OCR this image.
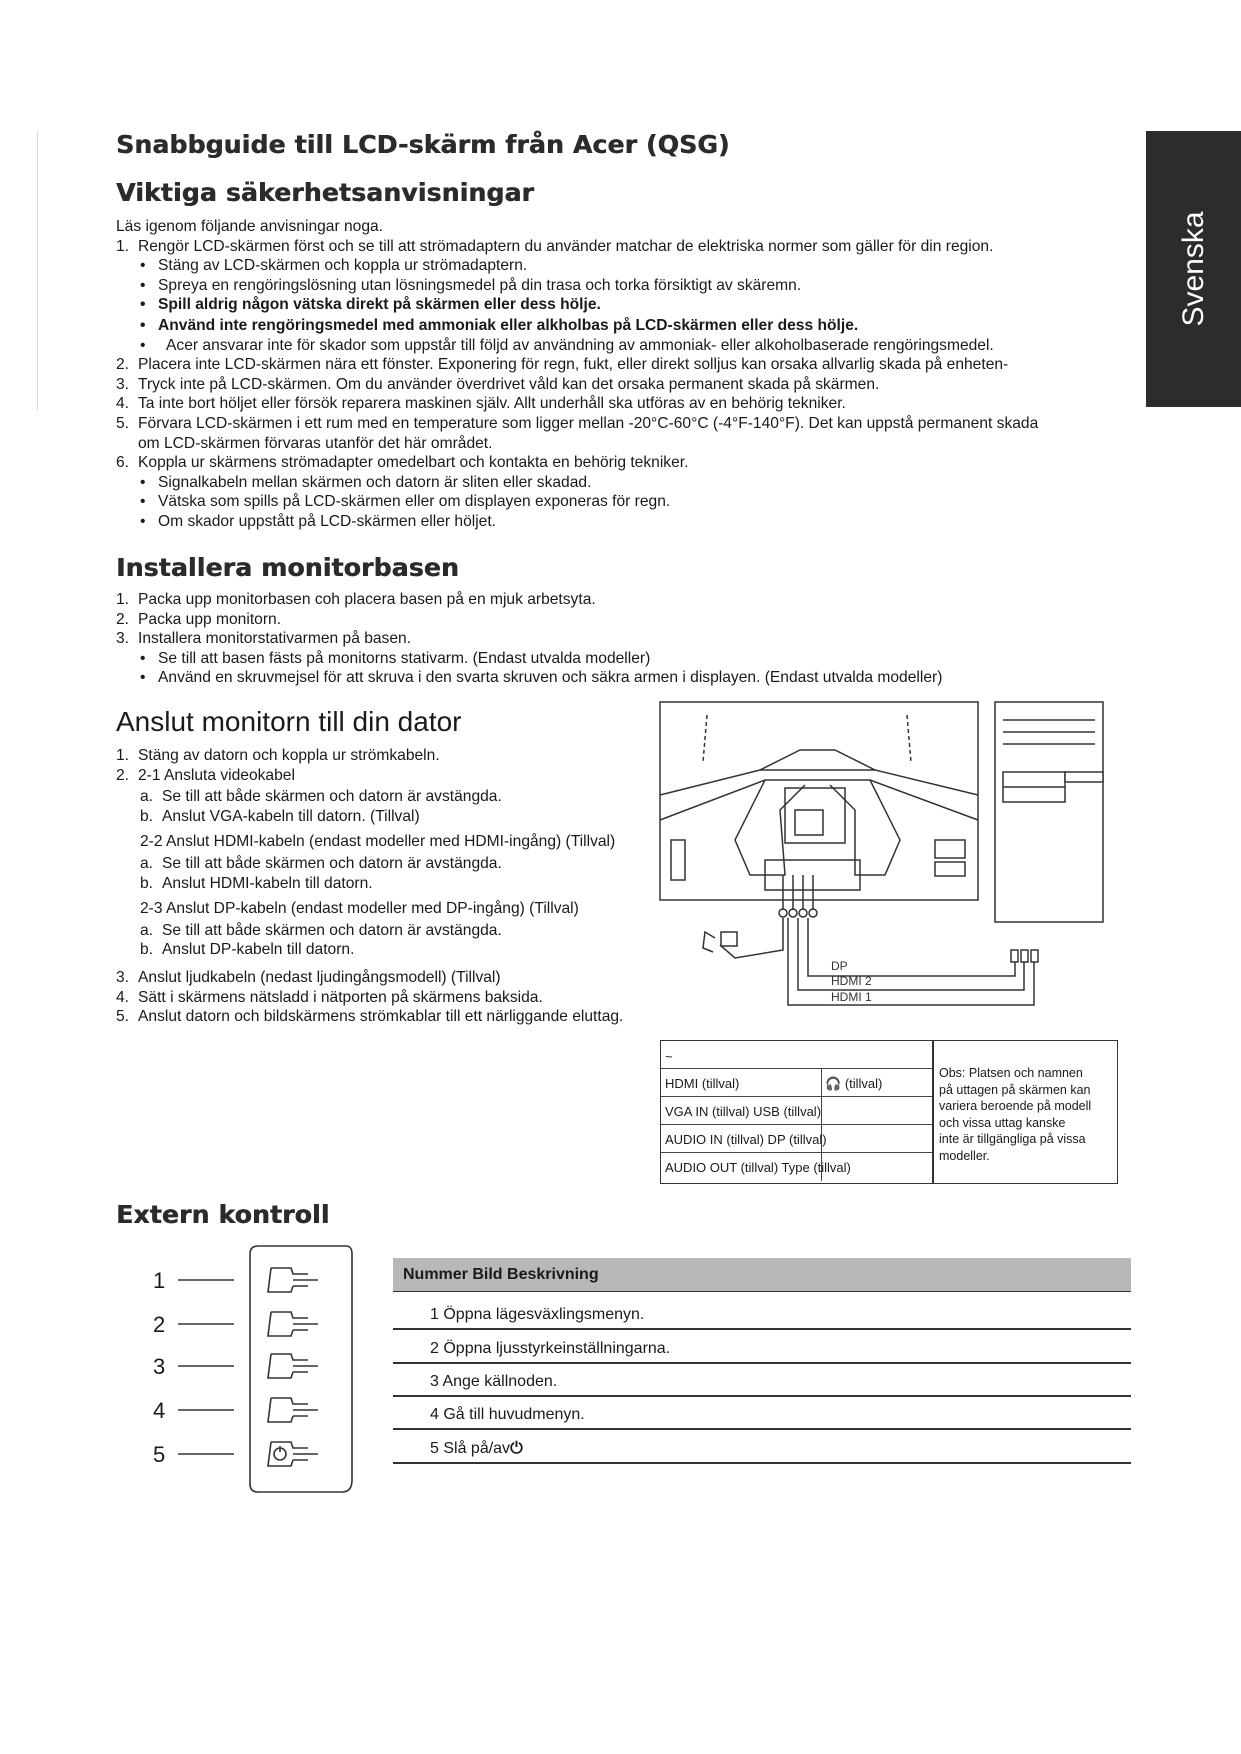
Svenska
Snabbguide till LCD-skärm från Acer (QSG)
Viktiga säkerhetsanvisningar
Läs igenom följande anvisningar noga.
1. Rengör LCD-skärmen först och se till att strömadaptern du använder matchar de elektriska normer som gäller för din region.
• Stäng av LCD-skärmen och koppla ur strömadaptern.
• Spreya en rengöringslösning utan lösningsmedel på din trasa och torka försiktigt av skäremn.
• Spill aldrig någon vätska direkt på skärmen eller dess hölje.
• Använd inte rengöringsmedel med ammoniak eller alkholbas på LCD-skärmen eller dess hölje.
• Acer ansvarar inte för skador som uppstår till följd av användning av ammoniak- eller alkoholbaserade rengöringsmedel.
2. Placera inte LCD-skärmen nära ett fönster. Exponering för regn, fukt, eller direkt solljus kan orsaka allvarlig skada på enheten-
3. Tryck inte på LCD-skärmen. Om du använder överdrivet våld kan det orsaka permanent skada på skärmen.
4. Ta inte bort höljet eller försök reparera maskinen själv. Allt underhåll ska utföras av en behörig tekniker.
5. Förvara LCD-skärmen i ett rum med en temperature som ligger mellan -20°C-60°C (-4°F-140°F). Det kan uppstå permanent skada
om LCD-skärmen förvaras utanför det här området.
6. Koppla ur skärmens strömadapter omedelbart och kontakta en behörig tekniker.
• Signalkabeln mellan skärmen och datorn är sliten eller skadad.
• Vätska som spills på LCD-skärmen eller om displayen exponeras för regn.
• Om skador uppstått på LCD-skärmen eller höljet.
Installera monitorbasen
1. Packa upp monitorbasen coh placera basen på en mjuk arbetsyta.
2. Packa upp monitorn.
3. Installera monitorstativarmen på basen.
• Se till att basen fästs på monitorns stativarm. (Endast utvalda modeller)
• Använd en skruvmejsel för att skruva i den svarta skruven och säkra armen i displayen. (Endast utvalda modeller)
Anslut monitorn till din dator
1. Stäng av datorn och koppla ur strömkabeln.
2. 2-1 Ansluta videokabel
a. Se till att både skärmen och datorn är avstängda.
b. Anslut VGA-kabeln till datorn. (Tillval)
2-2 Anslut HDMI-kabeln (endast modeller med HDMI-ingång) (Tillval)
a. Se till att både skärmen och datorn är avstängda.
b. Anslut HDMI-kabeln till datorn.
2-3 Anslut DP-kabeln (endast modeller med DP-ingång) (Tillval)
a. Se till att både skärmen och datorn är avstängda.
b. Anslut DP-kabeln till datorn.
3. Anslut ljudkabeln (nedast ljudingångsmodell) (Tillval)
4. Sätt i skärmens nätsladd i nätporten på skärmens baksida.
5. Anslut datorn och bildskärmens strömkablar till ett närliggande eluttag.
DP
HDMI 2
HDMI 1
~
HDMI (tillval)	🎧 (tillval)
VGA IN (tillval) USB (tillval)
AUDIO IN (tillval) DP (tillval)
AUDIO OUT (tillval) Type (tillval)
Obs: Platsen och namnen
på uttagen på skärmen kan
variera beroende på modell
och vissa uttag kanske
inte är tillgängliga på vissa
modeller.
Extern kontroll
1
2
3
4
5
Nummer Bild Beskrivning
1 Öppna lägesväxlingsmenyn.
2 Öppna ljusstyrkeinställningarna.
3 Ange källnoden.
4 Gå till huvudmenyn.
5 Slå på/av⏻
